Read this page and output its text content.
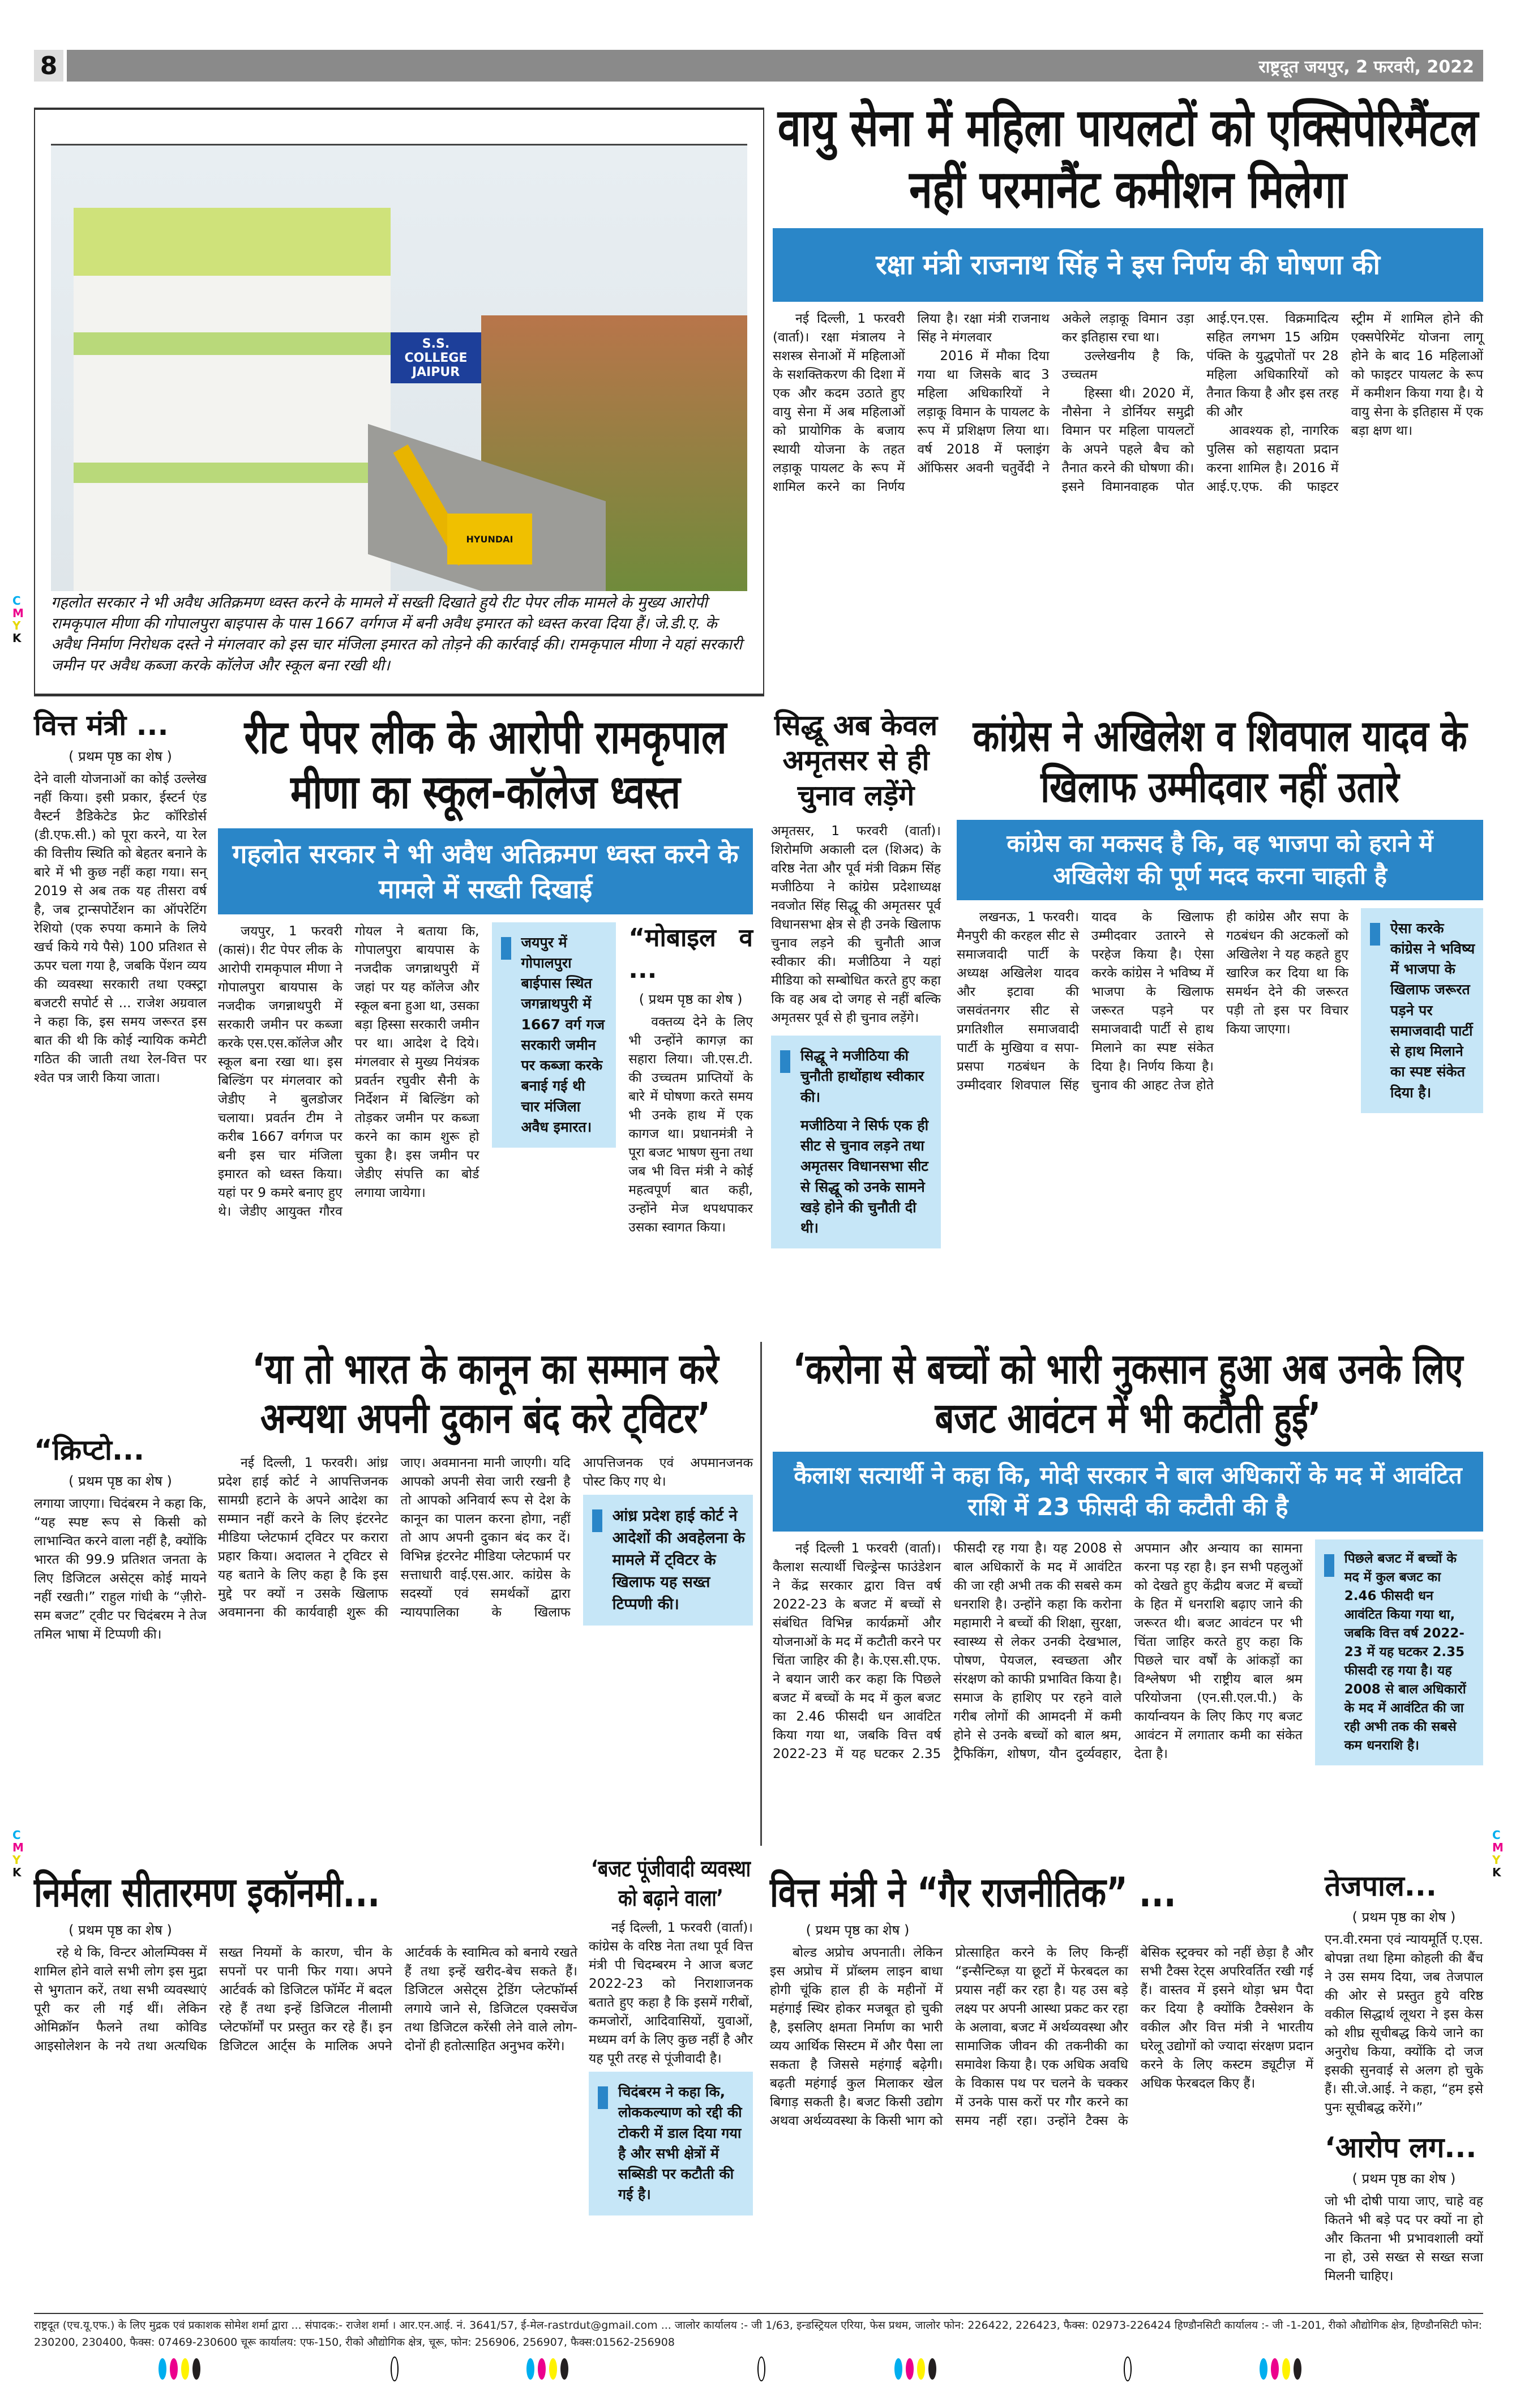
राष्ट्रदूत जयपुर, 2 फरवरी, 2022
8
C
M
Y
K
C
M
Y
K
C
M
Y
K
S.S. COLLEGE JAIPUR
HYUNDAI
गहलोत सरकार ने भी अवैध अतिक्रमण ध्वस्त करने के मामले में सख्ती दिखाते हुये रीट पेपर लीक मामले के मुख्य आरोपी रामकृपाल मीणा की गोपालपुरा बाइपास के पास 1667 वर्गगज में बनी अवैध इमारत को ध्वस्त करवा दिया हैं। जे.डी.ए. के अवैध निर्माण निरोधक दस्ते ने मंगलवार को इस चार मंजिला इमारत को तोड़ने की कार्रवाई की। रामकृपाल मीणा ने यहां सरकारी जमीन पर अवैध कब्जा करके कॉलेज और स्कूल बना रखी थी।
वायु सेना में महिला पायलटों को एक्सिपेरिमैंटल नहीं परमानैंट कमीशन मिलेगा
रक्षा मंत्री राजनाथ सिंह ने इस निर्णय की घोषणा की

नई दिल्ली, 1 फरवरी (वार्ता)। रक्षा मंत्रालय ने सशस्त्र सेनाओं में महिलाओं के सशक्तिकरण की दिशा में एक और कदम उठाते हुए वायु सेना में अब महिलाओं को प्रायोगिक के बजाय स्थायी योजना के तहत लड़ाकू पायलट के रूप में शामिल करने का निर्णय लिया है। रक्षा मंत्री राजनाथ सिंह ने मंगलवार

2016 में मौका दिया गया था जिसके बाद 3 महिला अधिकारियों ने लड़ाकू विमान के पायलट के रूप में प्रशिक्षण लिया था। वर्ष 2018 में फ्लाइंग ऑफिसर अवनी चतुर्वेदी ने अकेले लड़ाकू विमान उड़ा कर इतिहास रचा था।

उल्लेखनीय है कि, उच्चतम

हिस्सा थी। 2020 में, नौसेना ने डोर्नियर समुद्री विमान पर महिला पायलटों के अपने पहले बैच को तैनात करने की घोषणा की। इसने विमानवाहक पोत आई.एन.एस. विक्रमादित्य सहित लगभग 15 अग्रिम पंक्ति के युद्धपोतों पर 28 महिला अधिकारियों को तैनात किया है और इस तरह की और

आवश्यक हो, नागरिक पुलिस को सहायता प्रदान करना शामिल है। 2016 में आई.ए.एफ. की फाइटर स्ट्रीम में शामिल होने की एक्सपेरिमेंट योजना लागू होने के बाद 16 महिलाओं को फाइटर पायलट के रूप में कमीशन किया गया है। ये वायु सेना के इतिहास में एक बड़ा क्षण था।

वित्त मंत्री ...
( प्रथम पृष्ठ का शेष )
देने वाली योजनाओं का कोई उल्लेख नहीं किया। इसी प्रकार, ईस्टर्न एंड वैस्टर्न डैडिकेटेड फ्रेट कॉरिडोर्स (डी.एफ.सी.) को पूरा करने, या रेल की वित्तीय स्थिति को बेहतर बनाने के बारे में भी कुछ नहीं कहा गया। सन् 2019 से अब तक यह तीसरा वर्ष है, जब ट्रान्सपोर्टेशन का ऑपरेटिंग रेशियो (एक रुपया कमाने के लिये खर्च किये गये पैसे) 100 प्रतिशत से ऊपर चला गया है, जबकि पेंशन व्यय की व्यवस्था सरकारी तथा एक्स्ट्रा बजटरी सपोर्ट से ... राजेश अग्रवाल ने कहा कि, इस समय जरूरत इस बात की थी कि कोई न्यायिक कमेटी गठित की जाती तथा रेल-वित्त पर श्वेत पत्र जारी किया जाता।
रीट पेपर लीक के आरोपी रामकृपाल मीणा का स्कूल-कॉलेज ध्वस्त
गहलोत सरकार ने भी अवैध अतिक्रमण ध्वस्त करने के मामले में सख्ती दिखाई

जयपुर, 1 फरवरी (कासं)। रीट पेपर लीक के आरोपी रामकृपाल मीणा ने गोपालपुरा बायपास के नजदीक जगन्नाथपुरी में सरकारी जमीन पर कब्जा करके एस.एस.कॉलेज और स्कूल बना रखा था। इस बिल्डिंग पर मंगलवार को जेडीए ने बुलडोजर चलाया। प्रवर्तन टीम ने करीब 1667 वर्गगज पर बनी इस चार मंजिला इमारत को ध्वस्त किया। यहां पर 9 कमरे बनाए हुए थे। जेडीए आयुक्त गौरव गोयल ने बताया कि, गोपालपुरा बायपास के नजदीक जगन्नाथपुरी में जहां पर यह कॉलेज और स्कूल बना हुआ था, उसका बड़ा हिस्सा सरकारी जमीन पर था। आदेश दे दिये। मंगलवार से मुख्य नियंत्रक प्रवर्तन रघुवीर सैनी के निर्देशन में बिल्डिंग को तोड़कर जमीन पर कब्जा करने का काम शुरू हो चुका है। इस जमीन पर जेडीए संपत्ति का बोर्ड लगाया जायेगा।

जयपुर में गोपालपुरा बाईपास स्थित जगन्नाथपुरी में 1667 वर्ग गज सरकारी जमीन पर कब्जा करके बनाई गई थी चार मंजिला अवैध इमारत।
“मोबाइल व ...
( प्रथम पृष्ठ का शेष )

वक्तव्य देने के लिए भी उन्होंने कागज़ का सहारा लिया। जी.एस.टी. की उच्चतम प्राप्तियों के बारे में घोषणा करते समय भी उनके हाथ में एक कागज था। प्रधानमंत्री ने पूरा बजट भाषण सुना तथा जब भी वित्त मंत्री ने कोई महत्वपूर्ण बात कही, उन्होंने मेज थपथपाकर उसका स्वागत किया।

सिद्धू अब केवल अमृतसर से ही चुनाव लड़ेंगे
अमृतसर, 1 फरवरी (वार्ता)। शिरोमणि अकाली दल (शिअद) के वरिष्ठ नेता और पूर्व मंत्री विक्रम सिंह मजीठिया ने कांग्रेस प्रदेशाध्यक्ष नवजोत सिंह सिद्धू की अमृतसर पूर्व विधानसभा क्षेत्र से ही उनके खिलाफ चुनाव लड़ने की चुनौती आज स्वीकार की। मजीठिया ने यहां मीडिया को सम्बोधित करते हुए कहा कि वह अब दो जगह से नहीं बल्कि अमृतसर पूर्व से ही चुनाव लड़ेंगे।
सिद्धू ने मजीठिया की चुनौती हाथोंहाथ स्वीकार की।
मजीठिया ने सिर्फ एक ही सीट से चुनाव लड़ने तथा अमृतसर विधानसभा सीट से सिद्धू को उनके सामने खड़े होने की चुनौती दी थी।
कांग्रेस ने अखिलेश व शिवपाल यादव के खिलाफ उम्मीदवार नहीं उतारे
कांग्रेस का मकसद है कि, वह भाजपा को हराने में अखिलेश की पूर्ण मदद करना चाहती है

लखनऊ, 1 फरवरी। मैनपुरी की करहल सीट से समाजवादी पार्टी के अध्यक्ष अखिलेश यादव और इटावा की जसवंतनगर सीट से प्रगतिशील समाजवादी पार्टी के मुखिया व सपा-प्रसपा गठबंधन के उम्मीदवार शिवपाल सिंह यादव के खिलाफ उम्मीदवार उतारने से परहेज किया है। ऐसा करके कांग्रेस ने भविष्य में भाजपा के खिलाफ जरूरत पड़ने पर समाजवादी पार्टी से हाथ मिलाने का स्पष्ट संकेत दिया है। निर्णय किया है। चुनाव की आहट तेज होते ही कांग्रेस और सपा के गठबंधन की अटकलों को अखिलेश ने यह कहते हुए खारिज कर दिया था कि समर्थन देने की जरूरत पड़ी तो इस पर विचार किया जाएगा।

ऐसा करके कांग्रेस ने भविष्य में भाजपा के खिलाफ जरूरत पड़ने पर समाजवादी पार्टी से हाथ मिलाने का स्पष्ट संकेत दिया है।
“क्रिप्टो...
( प्रथम पृष्ठ का शेष )
लगाया जाएगा। चिदंबरम ने कहा कि, “यह स्पष्ट रूप से किसी को लाभान्वित करने वाला नहीं है, क्योंकि भारत की 99.9 प्रतिशत जनता के लिए डिजिटल असेट्स कोई मायने नहीं रखती।” राहुल गांधी के “ज़ीरो-सम बजट” ट्वीट पर चिदंबरम ने तेज तमिल भाषा में टिप्पणी की।
‘या तो भारत के कानून का सम्मान करे अन्यथा अपनी दुकान बंद करे ट्विटर’

नई दिल्ली, 1 फरवरी। आंध्र प्रदेश हाई कोर्ट ने आपत्तिजनक सामग्री हटाने के अपने आदेश का सम्मान नहीं करने के लिए इंटरनेट मीडिया प्लेटफार्म ट्विटर पर करारा प्रहार किया। अदालत ने ट्विटर से यह बताने के लिए कहा है कि इस मुद्दे पर क्यों न उसके खिलाफ अवमानना की कार्यवाही शुरू की जाए। अवमानना मानी जाएगी। यदि आपको अपनी सेवा जारी रखनी है तो आपको अनिवार्य रूप से देश के कानून का पालन करना होगा, नहीं तो आप अपनी दुकान बंद कर दें। विभिन्न इंटरनेट मीडिया प्लेटफार्म पर सत्ताधारी वाई.एस.आर. कांग्रेस के सदस्यों एवं समर्थकों द्वारा न्यायपालिका के खिलाफ आपत्तिजनक एवं अपमानजनक पोस्ट किए गए थे।

आंध्र प्रदेश हाई कोर्ट ने आदेशों की अवहेलना के मामले में ट्विटर के खिलाफ यह सख्त टिप्पणी की।
‘करोना से बच्चों को भारी नुकसान हुआ अब उनके लिए बजट आवंटन में भी कटौती हुई’
कैलाश सत्यार्थी ने कहा कि, मोदी सरकार ने बाल अधिकारों के मद में आवंटित राशि में 23 फीसदी की कटौती की है

नई दिल्ली 1 फरवरी (वार्ता)। कैलाश सत्यार्थी चिल्ड्रेन्स फाउंडेशन ने केंद्र सरकार द्वारा वित्त वर्ष 2022-23 के बजट में बच्चों से संबंधित विभिन्न कार्यक्रमों और योजनाओं के मद में कटौती करने पर चिंता जाहिर की है। के.एस.सी.एफ. ने बयान जारी कर कहा कि पिछले बजट में बच्चों के मद में कुल बजट का 2.46 फीसदी धन आवंटित किया गया था, जबकि वित्त वर्ष 2022-23 में यह घटकर 2.35 फीसदी रह गया है। यह 2008 से बाल अधिकारों के मद में आवंटित की जा रही अभी तक की सबसे कम धनराशि है। उन्होंने कहा कि करोना महामारी ने बच्चों की शिक्षा, सुरक्षा, स्वास्थ्य से लेकर उनकी देखभाल, पोषण, पेयजल, स्वच्छता और संरक्षण को काफी प्रभावित किया है। समाज के हाशिए पर रहने वाले गरीब लोगों की आमदनी में कमी होने से उनके बच्चों को बाल श्रम, ट्रैफिकिंग, शोषण, यौन दुर्व्यवहार, अपमान और अन्याय का सामना करना पड़ रहा है। इन सभी पहलुओं को देखते हुए केंद्रीय बजट में बच्चों के हित में धनराशि बढ़ाए जाने की जरूरत थी। बजट आवंटन पर भी चिंता जाहिर करते हुए कहा कि पिछले चार वर्षों के आंकड़ों का विश्लेषण भी राष्ट्रीय बाल श्रम परियोजना (एन.सी.एल.पी.) के कार्यान्वयन के लिए किए गए बजट आवंटन में लगातार कमी का संकेत देता है।

पिछले बजट में बच्चों के मद में कुल बजट का 2.46 फीसदी धन आवंटित किया गया था, जबकि वित्त वर्ष 2022-23 में यह घटकर 2.35 फीसदी रह गया है। यह 2008 से बाल अधिकारों के मद में आवंटित की जा रही अभी तक की सबसे कम धनराशि है।
निर्मला सीतारमण इकॉनमी...
( प्रथम पृष्ठ का शेष )

रहे थे कि, विन्टर ओलम्पिक्स में शामिल होने वाले सभी लोग इस मुद्रा से भुगतान करें, तथा सभी व्यवस्थाएं पूरी कर ली गई थीं। लेकिन ओमिक्रॉन फैलने तथा कोविड आइसोलेशन के नये तथा अत्यधिक सख्त नियमों के कारण, चीन के सपनों पर पानी फिर गया। अपने आर्टवर्क को डिजिटल फॉर्मेट में बदल रहे हैं तथा इन्हें डिजिटल नीलामी प्लेटफॉर्मों पर प्रस्तुत कर रहे हैं। इन डिजिटल आर्ट्स के मालिक अपने आर्टवर्क के स्वामित्व को बनाये रखते हैं तथा इन्हें खरीद-बेच सकते हैं। डिजिटल असेट्स ट्रेडिंग प्लेटफॉर्म्स लगाये जाने से, डिजिटल एक्सचेंज तथा डिजिटल करेंसी लेने वाले लोग-दोनों ही हतोत्साहित अनुभव करेंगे।

‘बजट पूंजीवादी व्यवस्था को बढ़ाने वाला’

नई दिल्ली, 1 फरवरी (वार्ता)। कांग्रेस के वरिष्ठ नेता तथा पूर्व वित्त मंत्री पी चिदम्बरम ने आज बजट 2022-23 को निराशाजनक बताते हुए कहा है कि इसमें गरीबों, कमजोरों, आदिवासियों, युवाओं, मध्यम वर्ग के लिए कुछ नहीं है और यह पूरी तरह से पूंजीवादी है।

चिदंबरम ने कहा कि, लोककल्याण को रद्दी की टोकरी में डाल दिया गया है और सभी क्षेत्रों में सब्सिडी पर कटौती की गई है।
वित्त मंत्री ने “गैर राजनीतिक” ...
( प्रथम पृष्ठ का शेष )

बोल्ड अप्रोच अपनाती। लेकिन इस अप्रोच में प्रॉब्लम लाइन बाधा होगी चूंकि हाल ही के महीनों में महंगाई स्थिर होकर मजबूत हो चुकी है, इसलिए क्षमता निर्माण का भारी व्यय आर्थिक सिस्टम में और पैसा ला सकता है जिससे महंगाई बढ़ेगी। बढ़ती महंगाई कुल मिलाकर खेल बिगाड़ सकती है। बजट किसी उद्योग अथवा अर्थव्यवस्था के किसी भाग को प्रोत्साहित करने के लिए किन्हीं “इन्सैन्टिब्ज़ या छूटों में फेरबदल का प्रयास नहीं कर रहा है। यह उस बड़े लक्ष्य पर अपनी आस्था प्रकट कर रहा के अलावा, बजट में अर्थव्यवस्था और सामाजिक जीवन की तकनीकी का समावेश किया है। एक अधिक अवधि के विकास पथ पर चलने के चक्कर में उनके पास करों पर गौर करने का समय नहीं रहा। उन्होंने टैक्स के बेसिक स्ट्रक्चर को नहीं छेड़ा है और सभी टैक्स रेट्स अपरिवर्तित रखी गई हैं। वास्तव में इसने थोड़ा भ्रम पैदा कर दिया है क्योंकि टैक्सेशन के वकील और वित्त मंत्री ने भारतीय घरेलू उद्योगों को ज्यादा संरक्षण प्रदान करने के लिए कस्टम ड्यूटीज़ में अधिक फेरबदल किए हैं।

तेजपाल...
( प्रथम पृष्ठ का शेष )
एन.वी.रमना एवं न्यायमूर्ति ए.एस. बोपन्ना तथा हिमा कोहली की बैंच ने उस समय दिया, जब तेजपाल की ओर से प्रस्तुत हुये वरिष्ठ वकील सिद्धार्थ लूथरा ने इस केस को शीघ्र सूचीबद्ध किये जाने का अनुरोध किया, क्योंकि दो जज इसकी सुनवाई से अलग हो चुके हैं। सी.जे.आई. ने कहा, “हम इसे पुनः सूचीबद्ध करेंगे।”
‘आरोप लग...
( प्रथम पृष्ठ का शेष )
जो भी दोषी पाया जाए, चाहे वह कितने भी बड़े पद पर क्यों ना हो और कितना भी प्रभावशाली क्यों ना हो, उसे सख्त से सख्त सजा मिलनी चाहिए।
राष्ट्रदूत (एच.यू.एफ.) के लिए मुद्रक एवं प्रकाशक सोमेश शर्मा द्वारा ... संपादक:- राजेश शर्मा । आर.एन.आई. नं. 3641/57, ई-मेल-rastrdut@gmail.com ... जालोर कार्यालय :- जी 1/63, इन्डस्ट्रियल एरिया, फेस प्रथम, जालोर फोन: 226422, 226423, फैक्स: 02973-226424 हिण्डौनसिटी कार्यालय :- जी -1-201, रीको औद्योगिक क्षेत्र, हिण्डौनसिटी फोन: 230200, 230400, फैक्स: 07469-230600 चूरू कार्यालय: एफ-150, रीको औद्योगिक क्षेत्र, चूरू, फोन: 256906, 256907, फैक्स:01562-256908
